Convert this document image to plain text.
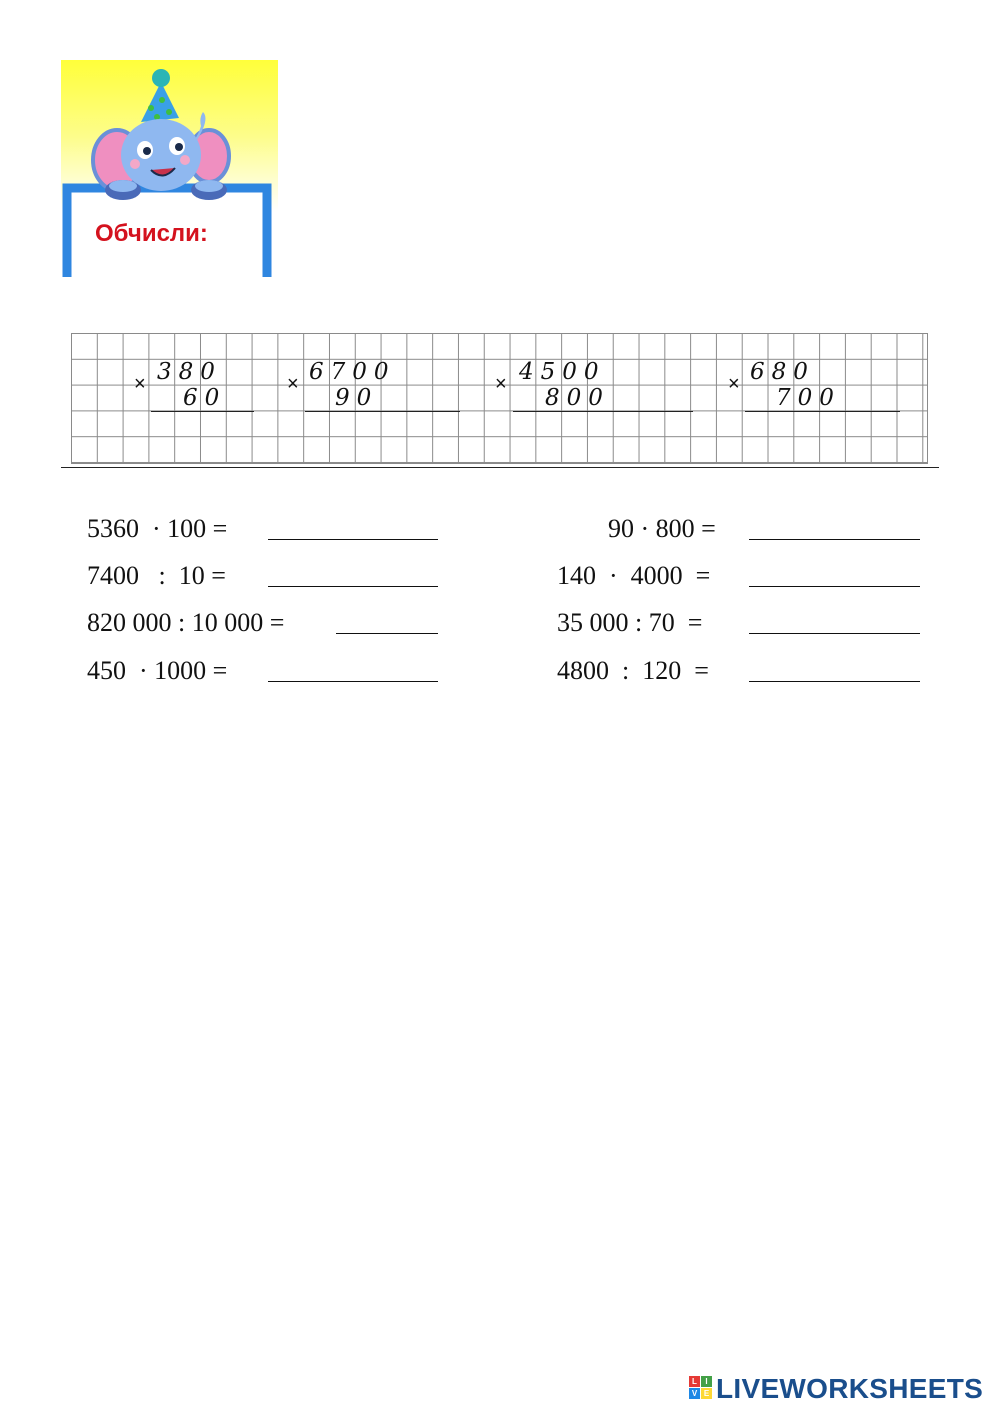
Обчисли:
× 380
60
× 6700
90
× 4500
800
× 680
700
5360  · 100 =
7400   :  10 =
820 000 : 10 000 =
450  · 1000 =
90 · 800 =
140  ·  4000  =
35 000 : 70  =
4800  :  120  =
L	I
V E LIVEWORKSHEETS
